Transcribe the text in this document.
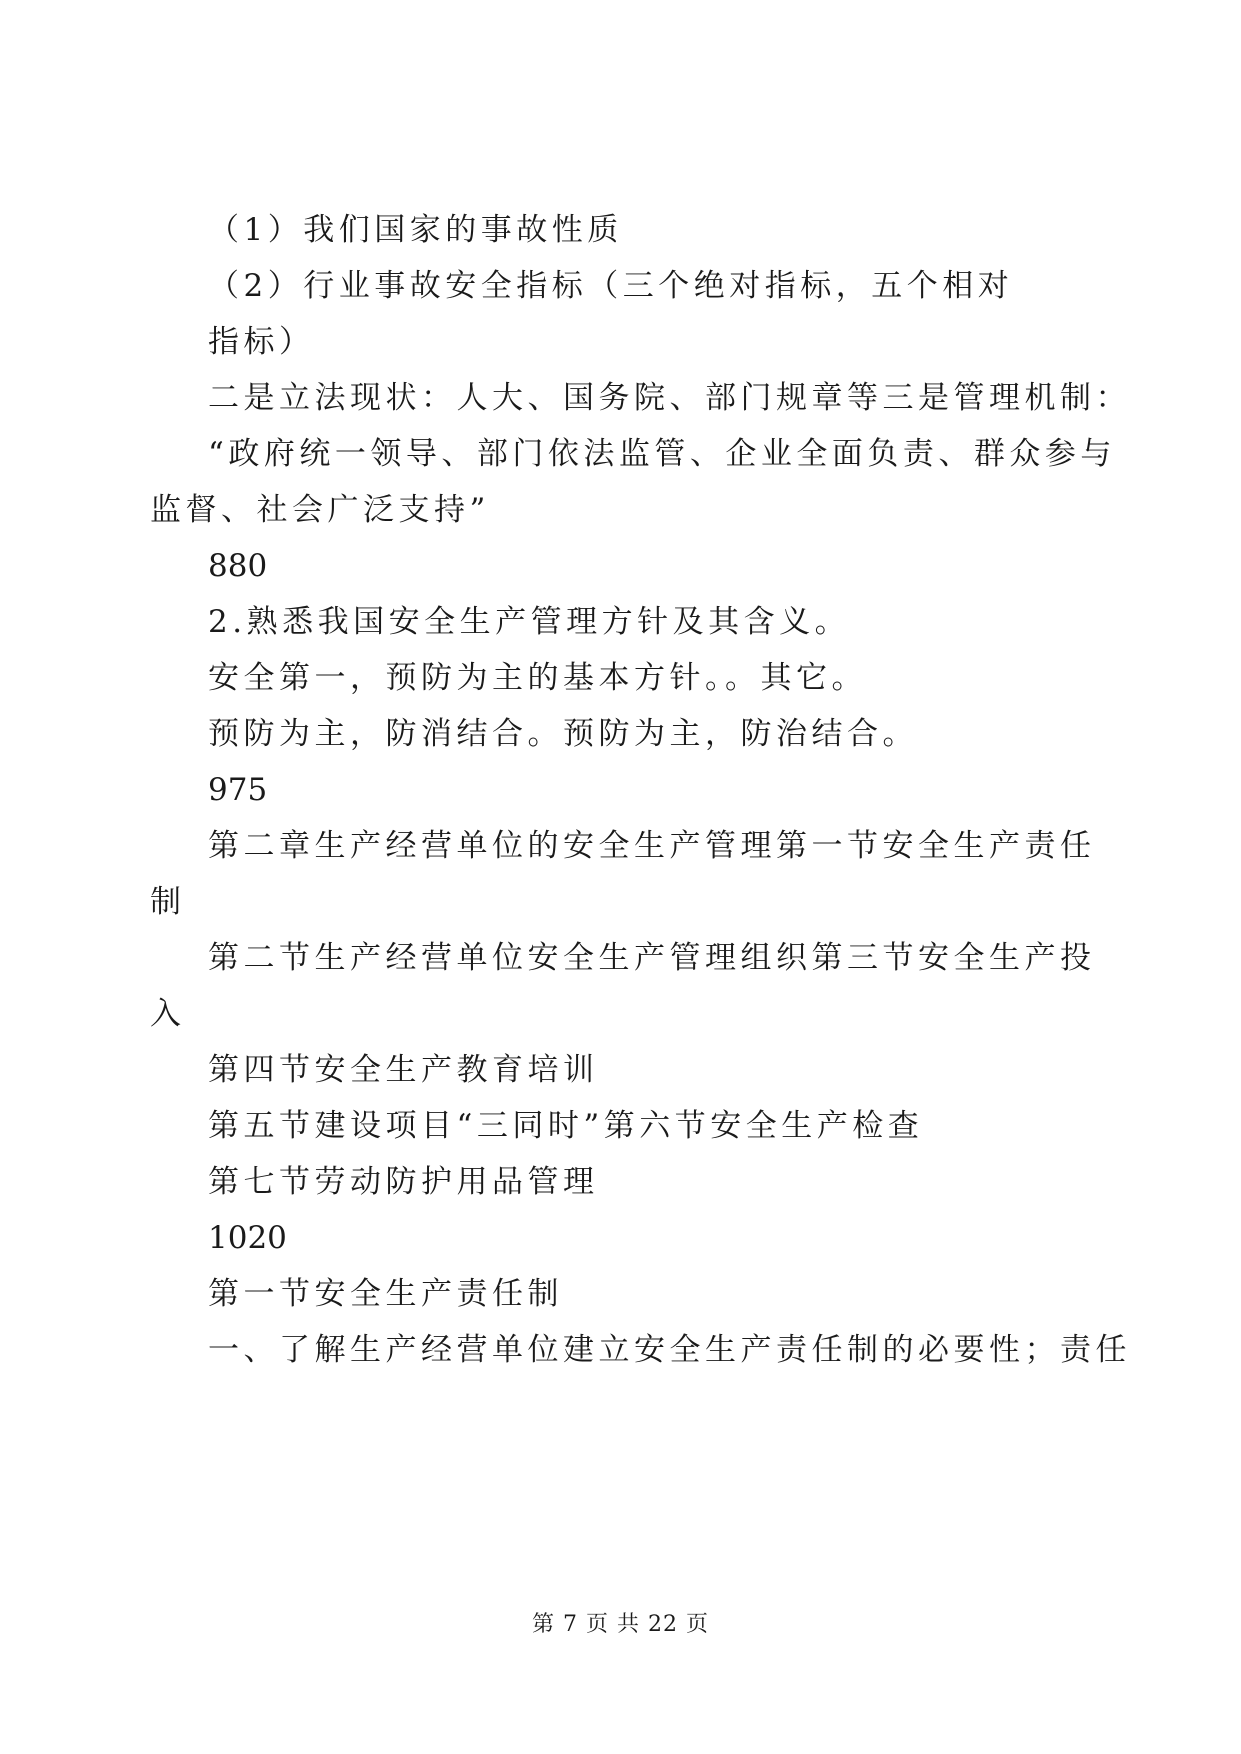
（1）我们国家的事故性质
（2）行业事故安全指标（三个绝对指标，五个相对
指标）
二是立法现状：人大、国务院、部门规章等三是管理机制：
“政府统一领导、部门依法监管、企业全面负责、群众参与
监督、社会广泛支持”
880
2.熟悉我国安全生产管理方针及其含义。
安全第一，预防为主的基本方针。。其它。
预防为主，防消结合。预防为主，防治结合。
975
第二章生产经营单位的安全生产管理第一节安全生产责任
制
第二节生产经营单位安全生产管理组织第三节安全生产投
入
第四节安全生产教育培训
第五节建设项目“三同时”第六节安全生产检查
第七节劳动防护用品管理
1020
第一节安全生产责任制
一、了解生产经营单位建立安全生产责任制的必要性；责任
第 7 页 共 22 页
